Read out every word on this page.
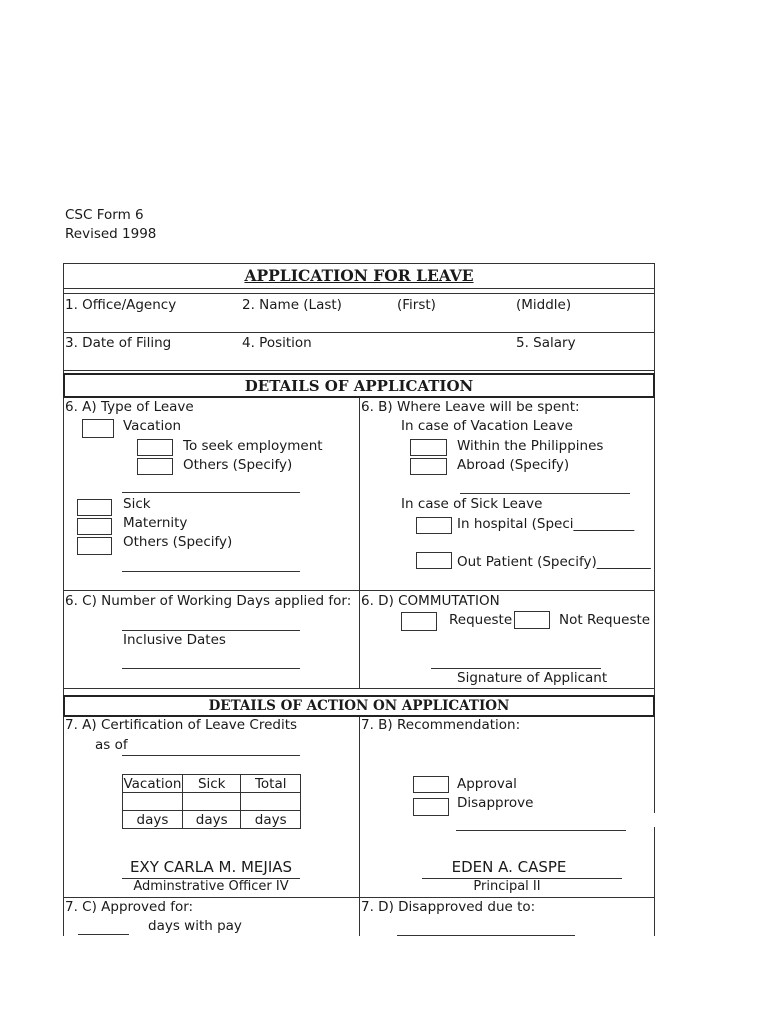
CSC Form 6
Revised 1998
APPLICATION FOR LEAVE
1. Office/Agency	2. Name (Last)	(First)	(Middle)
3. Date of Filing	4. Position	5. Salary
DETAILS OF APPLICATION
6. A) Type of Leave
Vacation
To seek employment
Others (Specify)
Sick
Maternity
Others (Specify)
6. B) Where Leave will be spent:
In case of Vacation Leave
Within the Philippines
Abroad (Specify)
In case of Sick Leave
In hospital (Speci_________
Out Patient (Specify)________
6. C) Number of Working Days applied for:
Inclusive Dates
6. D) COMMUTATION
Requeste	Not Requeste
Signature of Applicant
DETAILS OF ACTION ON APPLICATION
7. A) Certification of Leave Credits
as of
Vacation	Sick	Total

days	days	days
7. B) Recommendation:
Approval
Disapprove
EXY CARLA M. MEJIAS
Adminstrative Officer IV
EDEN A. CASPE
Principal II
7. C) Approved for:
days with pay
7. D) Disapproved due to:
